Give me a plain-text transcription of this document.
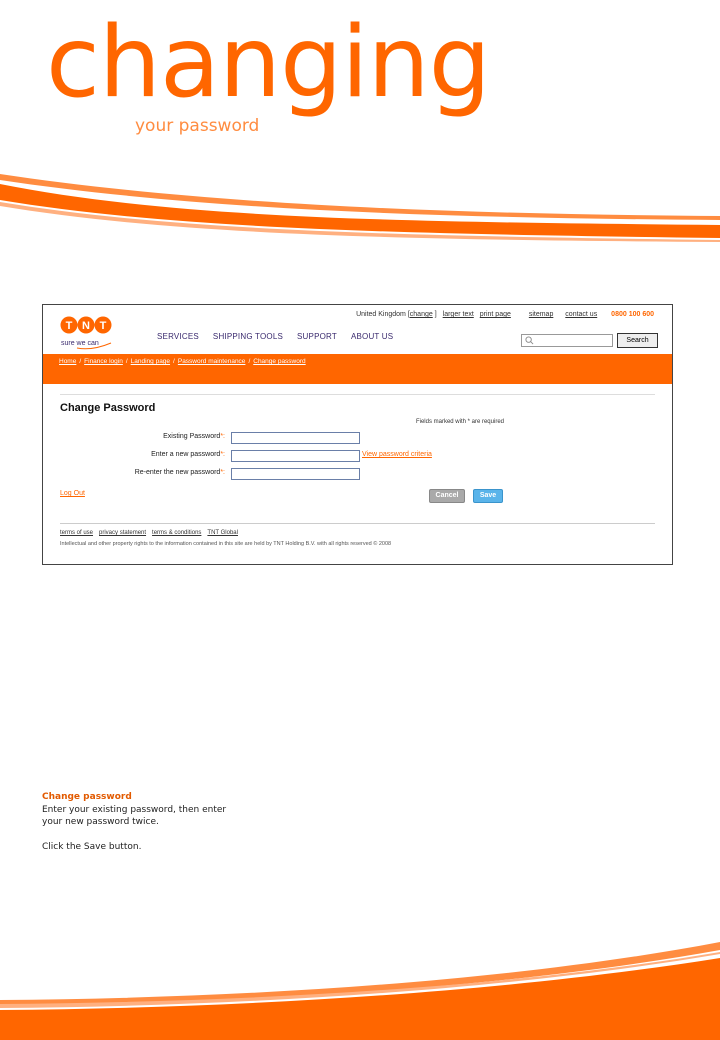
changing
your password
T N T
sure we can
United Kingdom [change ] larger text print page	sitemap contact us 0800 100 600
SERVICES SHIPPING TOOLS SUPPORT ABOUT US	Search
Home / Finance login / Landing page / Password maintenance / Change password
Change Password
Fields marked with * are required
Existing Password*:
Enter a new password*:	View password criteria
Re-enter the new password*:
Log Out	Cancel	Save
terms of use privacy statement terms & conditions TNT Global
Intellectual and other property rights to the information contained in this site are held by TNT Holding B.V. with all rights reserved © 2008

Change password

Enter your existing password, then enter

your new password twice.

Click the Save button.
